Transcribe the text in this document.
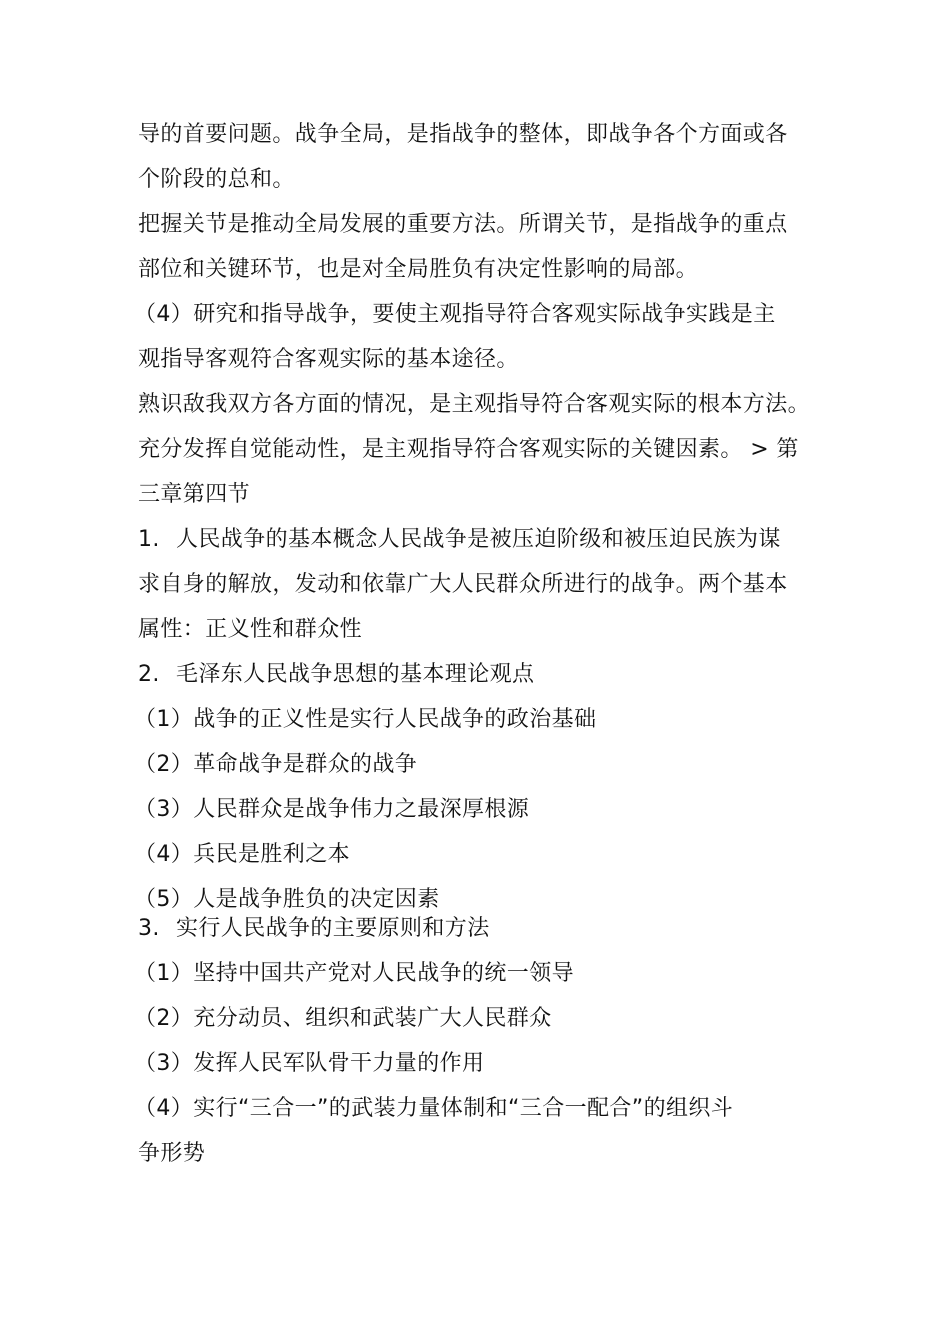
导的首要问题。战争全局，是指战争的整体，即战争各个方面或各
个阶段的总和。
把握关节是推动全局发展的重要方法。所谓关节，是指战争的重点
部位和关键环节，也是对全局胜负有决定性影响的局部。
（4）研究和指导战争，要使主观指导符合客观实际战争实践是主
观指导客观符合客观实际的基本途径。
熟识敌我双方各方面的情况，是主观指导符合客观实际的根本方法。
充分发挥自觉能动性，是主观指导符合客观实际的关键因素。 > 第
三章第四节
1. 人民战争的基本概念人民战争是被压迫阶级和被压迫民族为谋
求自身的解放，发动和依靠广大人民群众所进行的战争。两个基本
属性：正义性和群众性
2. 毛泽东人民战争思想的基本理论观点
（1）战争的正义性是实行人民战争的政治基础
（2）革命战争是群众的战争
（3）人民群众是战争伟力之最深厚根源
（4）兵民是胜利之本
（5）人是战争胜负的决定因素
3. 实行人民战争的主要原则和方法
（1）坚持中国共产党对人民战争的统一领导
（2）充分动员、组织和武装广大人民群众
（3）发挥人民军队骨干力量的作用
（4）实行“三合一”的武装力量体制和“三合一配合”的组织斗
争形势
